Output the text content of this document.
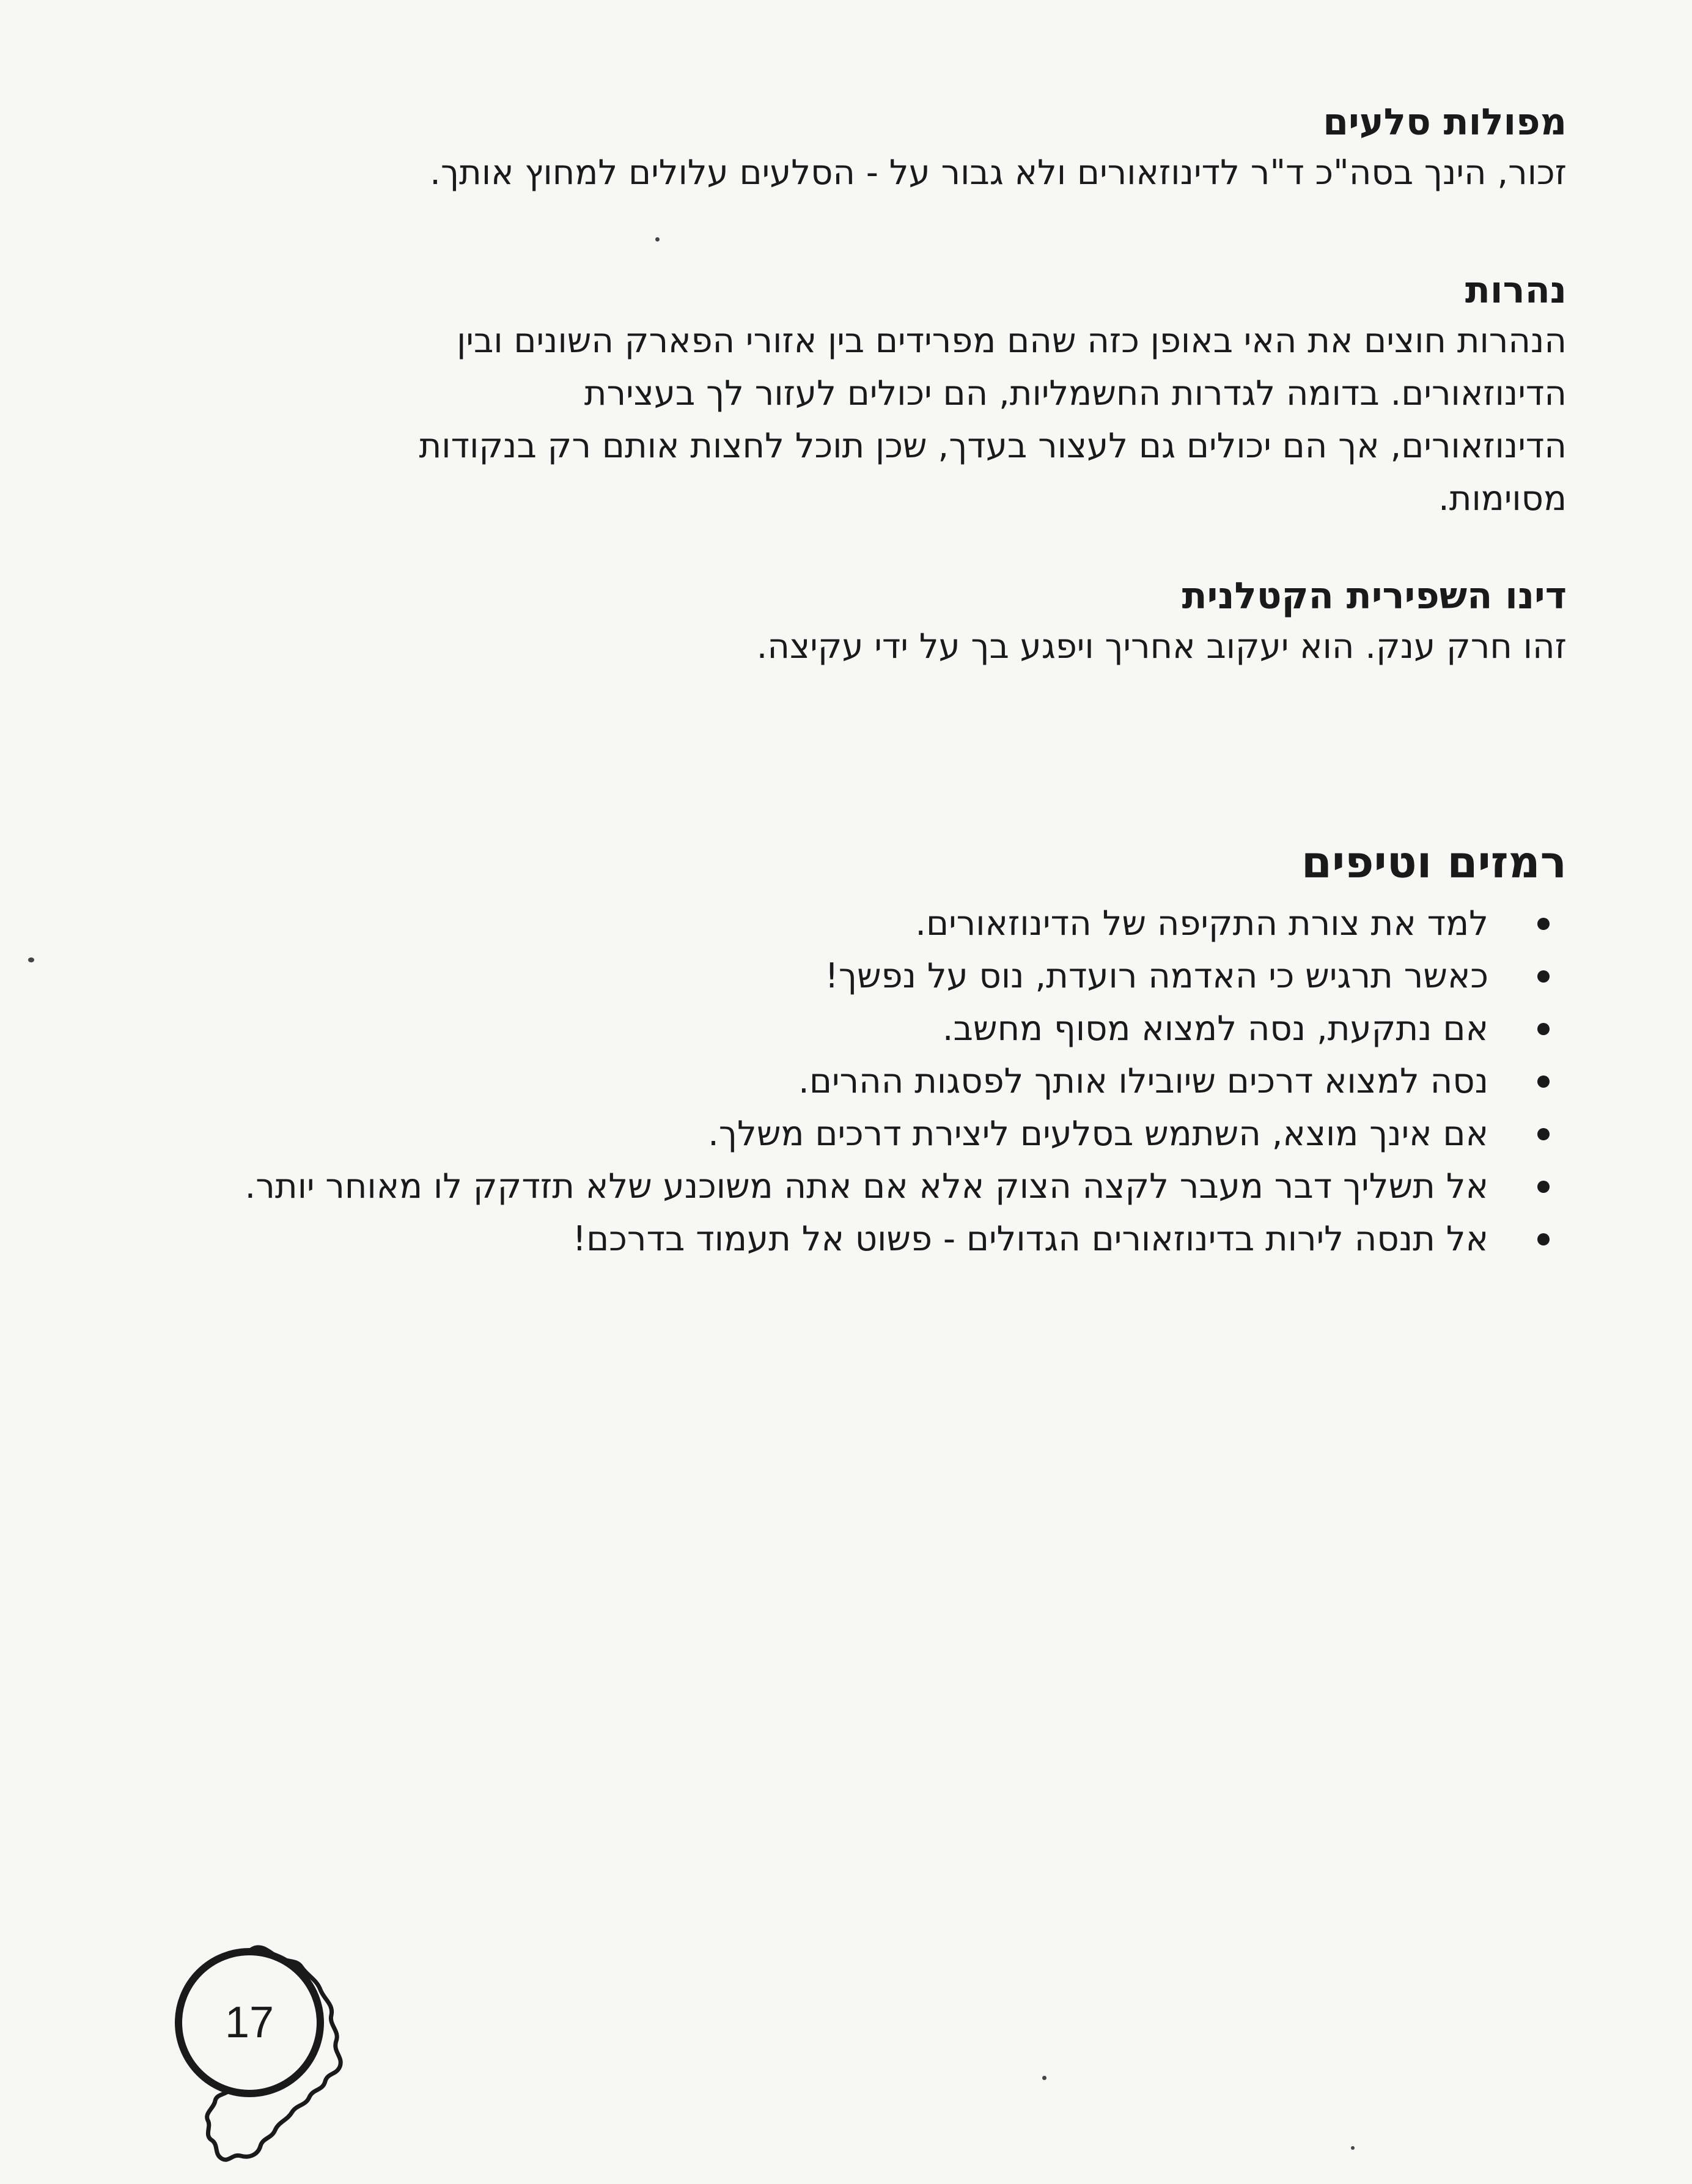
מפולות סלעים

זכור, הינך בסה"כ ד"ר לדינוזאורים ולא גבור על - הסלעים עלולים למחוץ אותך.

נהרות
הנהרות חוצים את האי באופן כזה שהם מפרידים בין אזורי הפארק השונים ובין
הדינוזאורים. בדומה לגדרות החשמליות, הם יכולים לעזור לך בעצירת
הדינוזאורים, אך הם יכולים גם לעצור בעדך, שכן תוכל לחצות אותם רק בנקודות
מסוימות.
דינו השפירית הקטלנית

זהו חרק ענק. הוא יעקוב אחריך ויפגע בך על ידי עקיצה.

רמזים וטיפים
למד את צורת התקיפה של הדינוזאורים.
כאשר תרגיש כי האדמה רועדת, נוס על נפשך!
אם נתקעת, נסה למצוא מסוף מחשב.
נסה למצוא דרכים שיובילו אותך לפסגות ההרים.
אם אינך מוצא, השתמש בסלעים ליצירת דרכים משלך.
אל תשליך דבר מעבר לקצה הצוק אלא אם אתה משוכנע שלא תזדקק לו מאוחר יותר.
אל תנסה לירות בדינוזאורים הגדולים - פשוט אל תעמוד בדרכם!
17
